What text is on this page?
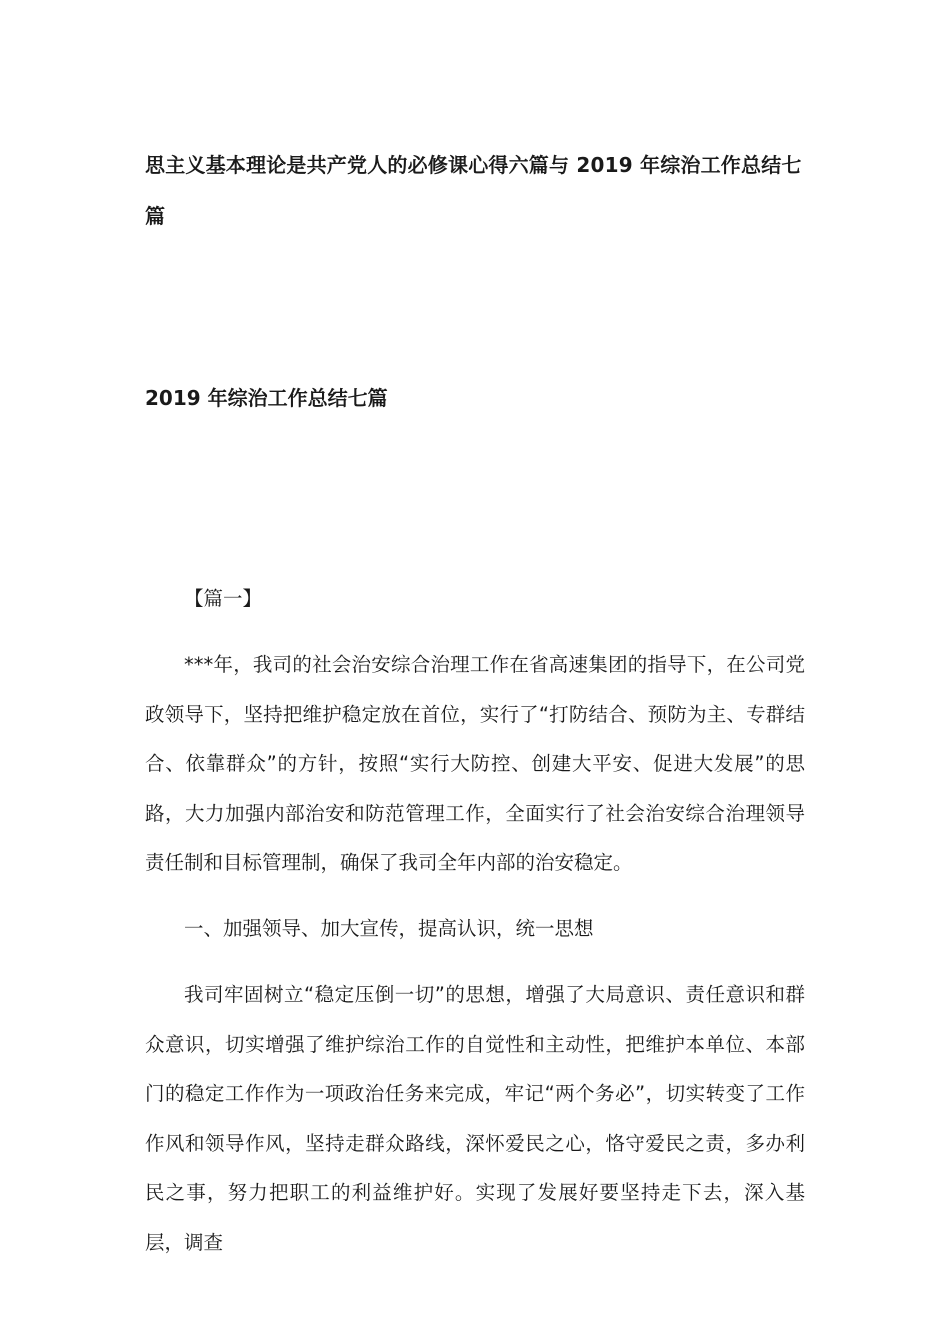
思主义基本理论是共产党人的必修课心得六篇与 2019 年综治工作总结七篇
2019 年综治工作总结七篇

【篇一】

***年，我司的社会治安综合治理工作在省高速集团的指导下，在公司党政领导下，坚持把维护稳定放在首位，实行了“打防结合、预防为主、专群结合、依靠群众”的方针，按照“实行大防控、创建大平安、促进大发展”的思路，大力加强内部治安和防范管理工作，全面实行了社会治安综合治理领导责任制和目标管理制，确保了我司全年内部的治安稳定。

一、加强领导、加大宣传，提高认识，统一思想

我司牢固树立“稳定压倒一切”的思想，增强了大局意识、责任意识和群众意识，切实增强了维护综治工作的自觉性和主动性，把维护本单位、本部门的稳定工作作为一项政治任务来完成，牢记“两个务必”，切实转变了工作作风和领导作风，坚持走群众路线，深怀爱民之心，恪守爱民之责，多办利民之事，努力把职工的利益维护好。实现了发展好要坚持走下去，深入基层，调查
